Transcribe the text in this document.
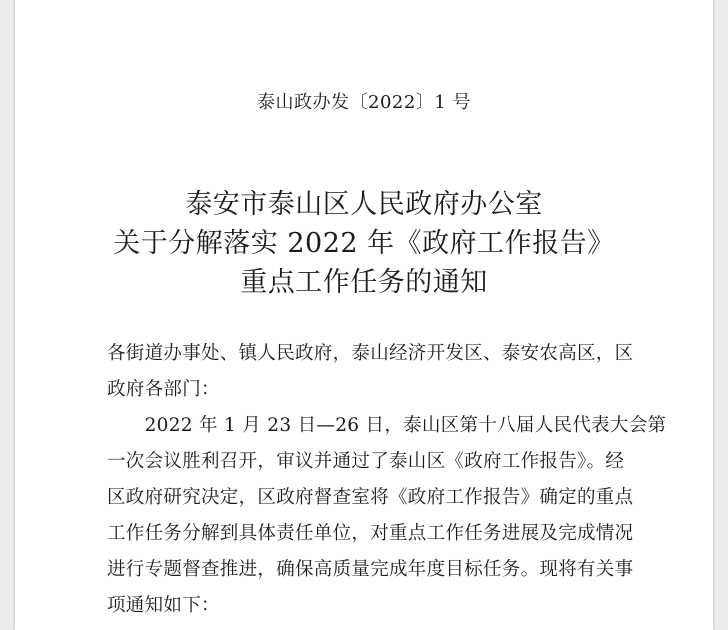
泰山政办发〔2022〕1 号
泰安市泰山区人民政府办公室
关于分解落实 2022 年《政府工作报告》
重点工作任务的通知
各街道办事处、镇人民政府，泰山经济开发区、泰安农高区，区
政府各部门：
　　2022 年 1 月 23 日—26 日，泰山区第十八届人民代表大会第
一次会议胜利召开，审议并通过了泰山区《政府工作报告》。经
区政府研究决定，区政府督查室将《政府工作报告》确定的重点
工作任务分解到具体责任单位，对重点工作任务进展及完成情况
进行专题督查推进，确保高质量完成年度目标任务。现将有关事
项通知如下：
